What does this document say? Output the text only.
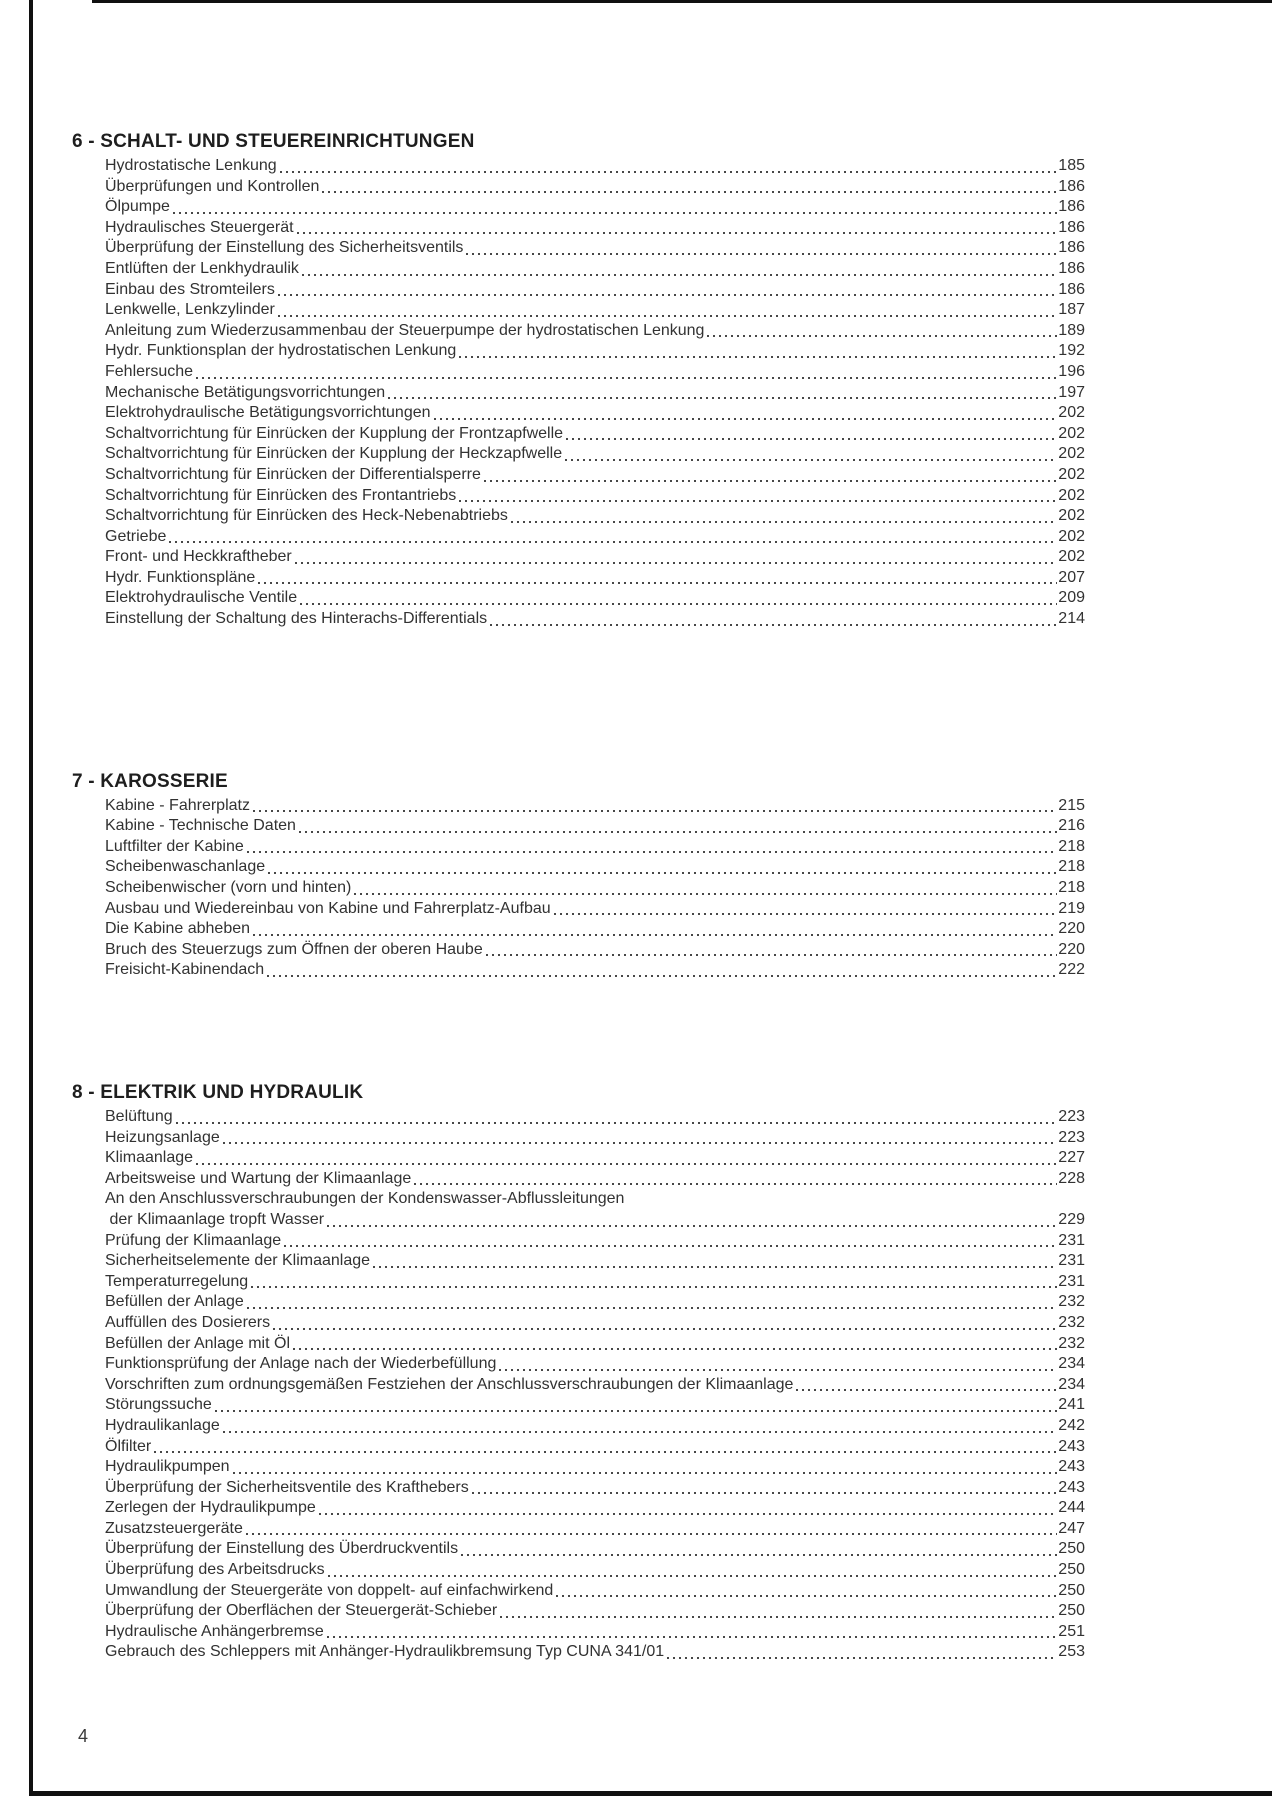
6 - SCHALT- UND STEUEREINRICHTUNGEN
Hydrostatische Lenkung	185
Überprüfungen und Kontrollen	186
Ölpumpe	186
Hydraulisches Steuergerät	186
Überprüfung der Einstellung des Sicherheitsventils	186
Entlüften der Lenkhydraulik	186
Einbau des Stromteilers	186
Lenkwelle, Lenkzylinder	187
Anleitung zum Wiederzusammenbau der Steuerpumpe der hydrostatischen Lenkung	189
Hydr. Funktionsplan der hydrostatischen Lenkung	192
Fehlersuche	196
Mechanische Betätigungsvorrichtungen	197
Elektrohydraulische Betätigungsvorrichtungen	202
Schaltvorrichtung für Einrücken der Kupplung der Frontzapfwelle	202
Schaltvorrichtung für Einrücken der Kupplung der Heckzapfwelle	202
Schaltvorrichtung für Einrücken der Differentialsperre	202
Schaltvorrichtung für Einrücken des Frontantriebs	202
Schaltvorrichtung für Einrücken des Heck-Nebenabtriebs	202
Getriebe	202
Front- und Heckkraftheber	202
Hydr. Funktionspläne	207
Elektrohydraulische Ventile	209
Einstellung der Schaltung des Hinterachs-Differentials	214
7 - KAROSSERIE
Kabine - Fahrerplatz	215
Kabine - Technische Daten	216
Luftfilter der Kabine	218
Scheibenwaschanlage	218
Scheibenwischer (vorn und hinten)	218
Ausbau und Wiedereinbau von Kabine und Fahrerplatz-Aufbau	219
Die Kabine abheben	220
Bruch des Steuerzugs zum Öffnen der oberen Haube	220
Freisicht-Kabinendach	222
8 - ELEKTRIK UND HYDRAULIK
Belüftung	223
Heizungsanlage	223
Klimaanlage	227
Arbeitsweise und Wartung der Klimaanlage	228
An den Anschlussverschraubungen der Kondenswasser-Abflussleitungen
der Klimaanlage tropft Wasser	229
Prüfung der Klimaanlage	231
Sicherheitselemente der Klimaanlage	231
Temperaturregelung	231
Befüllen der Anlage	232
Auffüllen des Dosierers	232
Befüllen der Anlage mit Öl	232
Funktionsprüfung der Anlage nach der Wiederbefüllung	234
Vorschriften zum ordnungsgemäßen Festziehen der Anschlussverschraubungen der Klimaanlage	234
Störungssuche	241
Hydraulikanlage	242
Ölfilter	243
Hydraulikpumpen	243
Überprüfung der Sicherheitsventile des Krafthebers	243
Zerlegen der Hydraulikpumpe	244
Zusatzsteuergeräte	247
Überprüfung der Einstellung des Überdruckventils	250
Überprüfung des Arbeitsdrucks	250
Umwandlung der Steuergeräte von doppelt- auf einfachwirkend	250
Überprüfung der Oberflächen der Steuergerät-Schieber	250
Hydraulische Anhängerbremse	251
Gebrauch des Schleppers mit Anhänger-Hydraulikbremsung Typ CUNA 341/01	253
4
